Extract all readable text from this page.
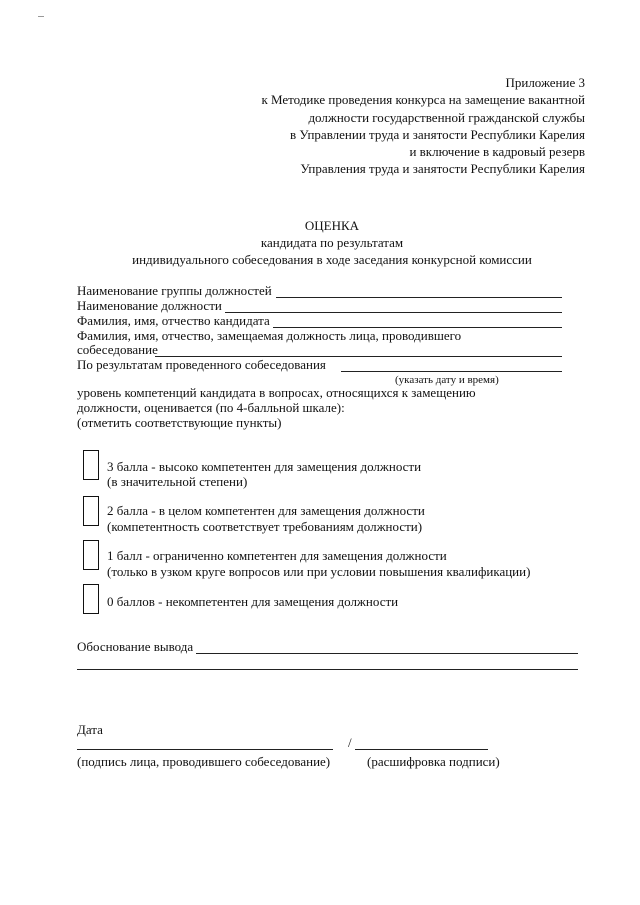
Приложение 3
к Методике проведения конкурса на замещение вакантной
должности государственной гражданской службы
в Управлении труда и занятости Республики Карелия
и включение в кадровый резерв
Управления труда и занятости Республики Карелия
ОЦЕНКА
кандидата по результатам
индивидуального собеседования в ходе заседания конкурсной комиссии
Наименование группы должностей
Наименование должности
Фамилия, имя, отчество кандидата
Фамилия, имя, отчество, замещаемая должность лица, проводившего
собеседование
По результатам проведенного собеседования
(указать дату и время)
уровень компетенций кандидата в вопросах, относящихся к замещению
должности, оценивается (по 4-балльной шкале):
(отметить соответствующие пункты)
3 балла - высоко компетентен для замещения должности
(в значительной степени)
2 балла - в целом компетентен для замещения должности
(компетентность соответствует требованиям должности)
1 балл - ограниченно компетентен для замещения должности
(только в узком круге вопросов или при условии повышения квалификации)
0 баллов - некомпетентен для замещения должности
Обоснование вывода
Дата
/
(подпись лица, проводившего собеседование)	(расшифровка подписи)
